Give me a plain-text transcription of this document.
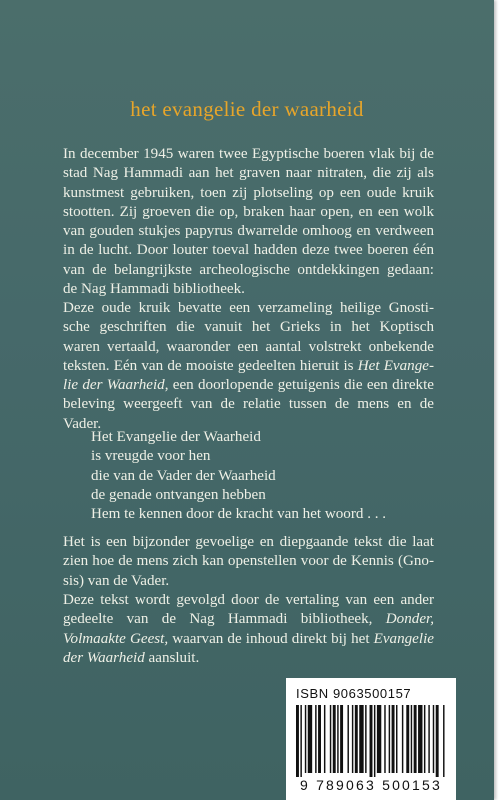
het evangelie der waarheid
In december 1945 waren twee Egyptische boeren vlak bij de
stad Nag Hammadi aan het graven naar nitraten, die zij als
kunstmest gebruiken, toen zij plotseling op een oude kruik
stootten. Zij groeven die op, braken haar open, en een wolk
van gouden stukjes papyrus dwarrelde omhoog en verdween
in de lucht. Door louter toeval hadden deze twee boeren één
van de belangrijkste archeologische ontdekkingen gedaan:
de Nag Hammadi bibliotheek.
Deze oude kruik bevatte een verzameling heilige Gnosti-
sche geschriften die vanuit het Grieks in het Koptisch
waren vertaald, waaronder een aantal volstrekt onbekende
teksten. Eén van de mooiste gedeelten hieruit is Het Evange-
lie der Waarheid, een doorlopende getuigenis die een direkte
beleving weergeeft van de relatie tussen de mens en de
Vader.
Het Evangelie der Waarheid
is vreugde voor hen
die van de Vader der Waarheid
de genade ontvangen hebben
Hem te kennen door de kracht van het woord . . .
Het is een bijzonder gevoelige en diepgaande tekst die laat
zien hoe de mens zich kan openstellen voor de Kennis (Gno-
sis) van de Vader.
Deze tekst wordt gevolgd door de vertaling van een ander
gedeelte van de Nag Hammadi bibliotheek, Donder,
Volmaakte Geest, waarvan de inhoud direkt bij het Evangelie
der Waarheid aansluit.
ISBN 9063500157
9 789063 500153
